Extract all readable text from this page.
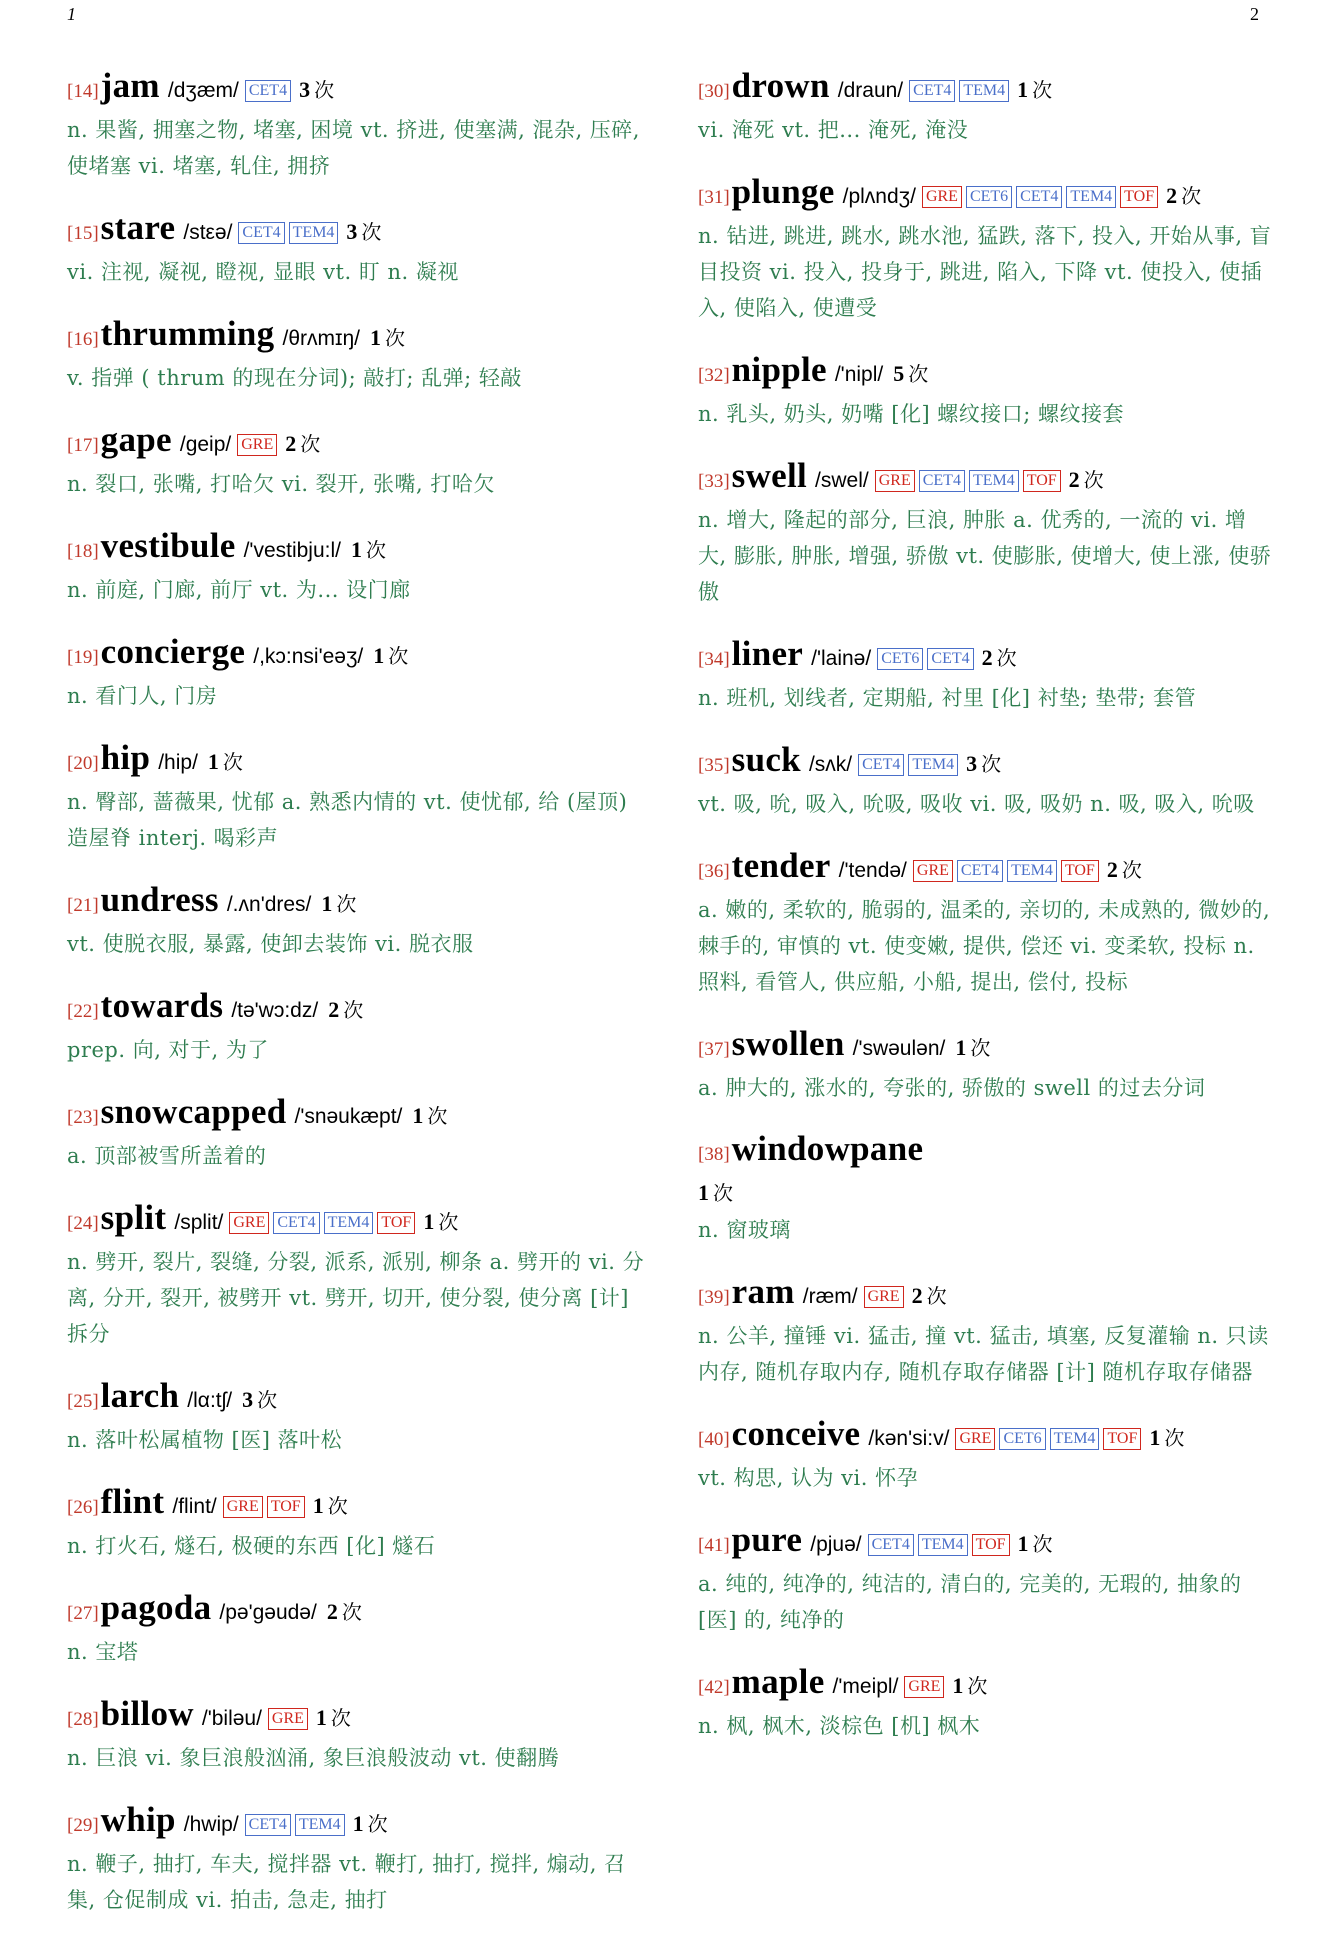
1	2
[14] jam /dʒæm/ CET4 3 次
n. 果酱, 拥塞之物, 堵塞, 困境 vt. 挤进, 使塞满, 混杂, 压碎, 使堵塞 vi. 堵塞, 轧住, 拥挤
[15] stare /stεə/ CET4 TEM4 3 次
vi. 注视, 凝视, 瞪视, 显眼 vt. 盯 n. 凝视
[16] thrumming /θrʌmɪŋ/ 1 次
v. 指弹 ( thrum 的现在分词); 敲打; 乱弹; 轻敲
[17] gape /geip/ GRE 2 次
n. 裂口, 张嘴, 打哈欠 vi. 裂开, 张嘴, 打哈欠
[18] vestibule /'vestibju:l/ 1 次
n. 前庭, 门廊, 前厅 vt. 为... 设门廊
[19] concierge /,kɔ:nsi'eəʒ/ 1 次
n. 看门人, 门房
[20] hip /hip/ 1 次
n. 臀部, 蔷薇果, 忧郁 a. 熟悉内情的 vt. 使忧郁, 给 (屋顶) 造屋脊 interj. 喝彩声
[21] undress /.ʌn'dres/ 1 次
vt. 使脱衣服, 暴露, 使卸去装饰 vi. 脱衣服
[22] towards /tə'wɔ:dz/ 2 次
prep. 向, 对于, 为了
[23] snowcapped /'snəukæpt/ 1 次
a. 顶部被雪所盖着的
[24] split /split/ GRE CET4 TEM4 TOF 1 次
n. 劈开, 裂片, 裂缝, 分裂, 派系, 派别, 柳条 a. 劈开的 vi. 分离, 分开, 裂开, 被劈开 vt. 劈开, 切开, 使分裂, 使分离 [计] 拆分
[25] larch /lα:tʃ/ 3 次
n. 落叶松属植物 [医] 落叶松
[26] flint /flint/ GRE TOF 1 次
n. 打火石, 燧石, 极硬的东西 [化] 燧石
[27] pagoda /pə'gəudə/ 2 次
n. 宝塔
[28] billow /'biləu/ GRE 1 次
n. 巨浪 vi. 象巨浪般汹涌, 象巨浪般波动 vt. 使翻腾
[29] whip /hwip/ CET4 TEM4 1 次
n. 鞭子, 抽打, 车夫, 搅拌器 vt. 鞭打, 抽打, 搅拌, 煽动, 召集, 仓促制成 vi. 拍击, 急走, 抽打
[30] drown /draun/ CET4 TEM4 1 次
vi. 淹死 vt. 把... 淹死, 淹没
[31] plunge /plʌndʒ/ GRE CET6 CET4 TEM4 TOF 2 次
n. 钻进, 跳进, 跳水, 跳水池, 猛跌, 落下, 投入, 开始从事, 盲目投资 vi. 投入, 投身于, 跳进, 陷入, 下降 vt. 使投入, 使插入, 使陷入, 使遭受
[32] nipple /'nipl/ 5 次
n. 乳头, 奶头, 奶嘴 [化] 螺纹接口; 螺纹接套
[33] swell /swel/ GRE CET4 TEM4 TOF 2 次
n. 增大, 隆起的部分, 巨浪, 肿胀 a. 优秀的, 一流的 vi. 增大, 膨胀, 肿胀, 增强, 骄傲 vt. 使膨胀, 使增大, 使上涨, 使骄傲
[34] liner /'lainə/ CET6 CET4 2 次
n. 班机, 划线者, 定期船, 衬里 [化] 衬垫; 垫带; 套管
[35] suck /sʌk/ CET4 TEM4 3 次
vt. 吸, 吮, 吸入, 吮吸, 吸收 vi. 吸, 吸奶 n. 吸, 吸入, 吮吸
[36] tender /'tendə/ GRE CET4 TEM4 TOF 2 次
a. 嫩的, 柔软的, 脆弱的, 温柔的, 亲切的, 未成熟的, 微妙的, 棘手的, 审慎的 vt. 使变嫩, 提供, 偿还 vi. 变柔软, 投标 n. 照料, 看管人, 供应船, 小船, 提出, 偿付, 投标
[37] swollen /'swəulən/ 1 次
a. 肿大的, 涨水的, 夸张的, 骄傲的 swell 的过去分词
[38] windowpane
1 次
n. 窗玻璃
[39] ram /ræm/ GRE 2 次
n. 公羊, 撞锤 vi. 猛击, 撞 vt. 猛击, 填塞, 反复灌输 n. 只读内存, 随机存取内存, 随机存取存储器 [计] 随机存取存储器
[40] conceive /kən'si:v/ GRE CET6 TEM4 TOF 1 次
vt. 构思, 认为 vi. 怀孕
[41] pure /pjuə/ CET4 TEM4 TOF 1 次
a. 纯的, 纯净的, 纯洁的, 清白的, 完美的, 无瑕的, 抽象的 [医] 的, 纯净的
[42] maple /'meipl/ GRE 1 次
n. 枫, 枫木, 淡棕色 [机] 枫木
